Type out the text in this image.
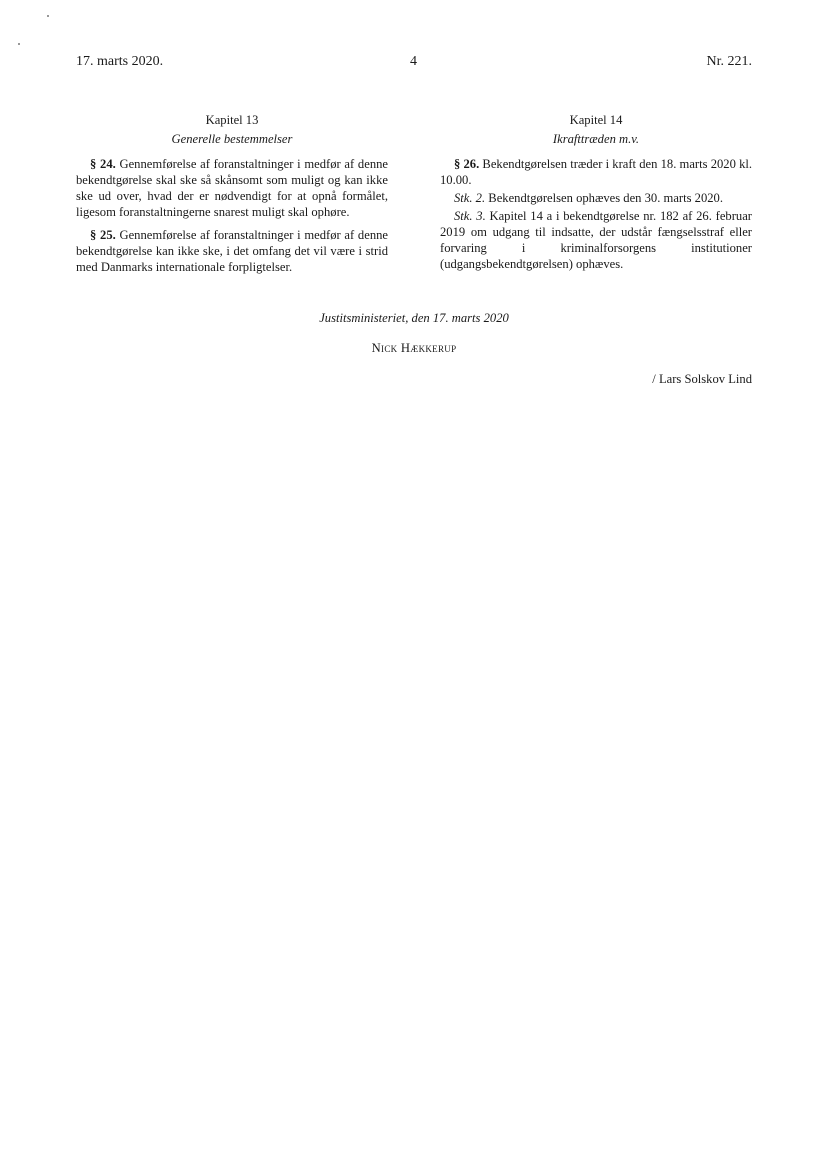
17. marts 2020.	4	Nr. 221.

Kapitel 13

Generelle bestemmelser

§ 24. Gennemførelse af foranstaltninger i medfør af denne bekendtgørelse skal ske så skånsomt som muligt og kan ikke ske ud over, hvad der er nødvendigt for at opnå formålet, ligesom foranstaltningerne snarest muligt skal ophøre.

§ 25. Gennemførelse af foranstaltninger i medfør af denne bekendtgørelse kan ikke ske, i det omfang det vil være i strid med Danmarks internationale forpligtelser.

Kapitel 14

Ikrafttræden m.v.

§ 26. Bekendtgørelsen træder i kraft den 18. marts 2020 kl. 10.00.

Stk. 2. Bekendtgørelsen ophæves den 30. marts 2020.

Stk. 3. Kapitel 14 a i bekendtgørelse nr. 182 af 26. februar 2019 om udgang til indsatte, der udstår fængselsstraf eller forvaring i kriminalforsorgens institutioner (udgangsbekendtgørelsen) ophæves.

Justitsministeriet, den 17. marts 2020
Nick Hækkerup
/ Lars Solskov Lind
